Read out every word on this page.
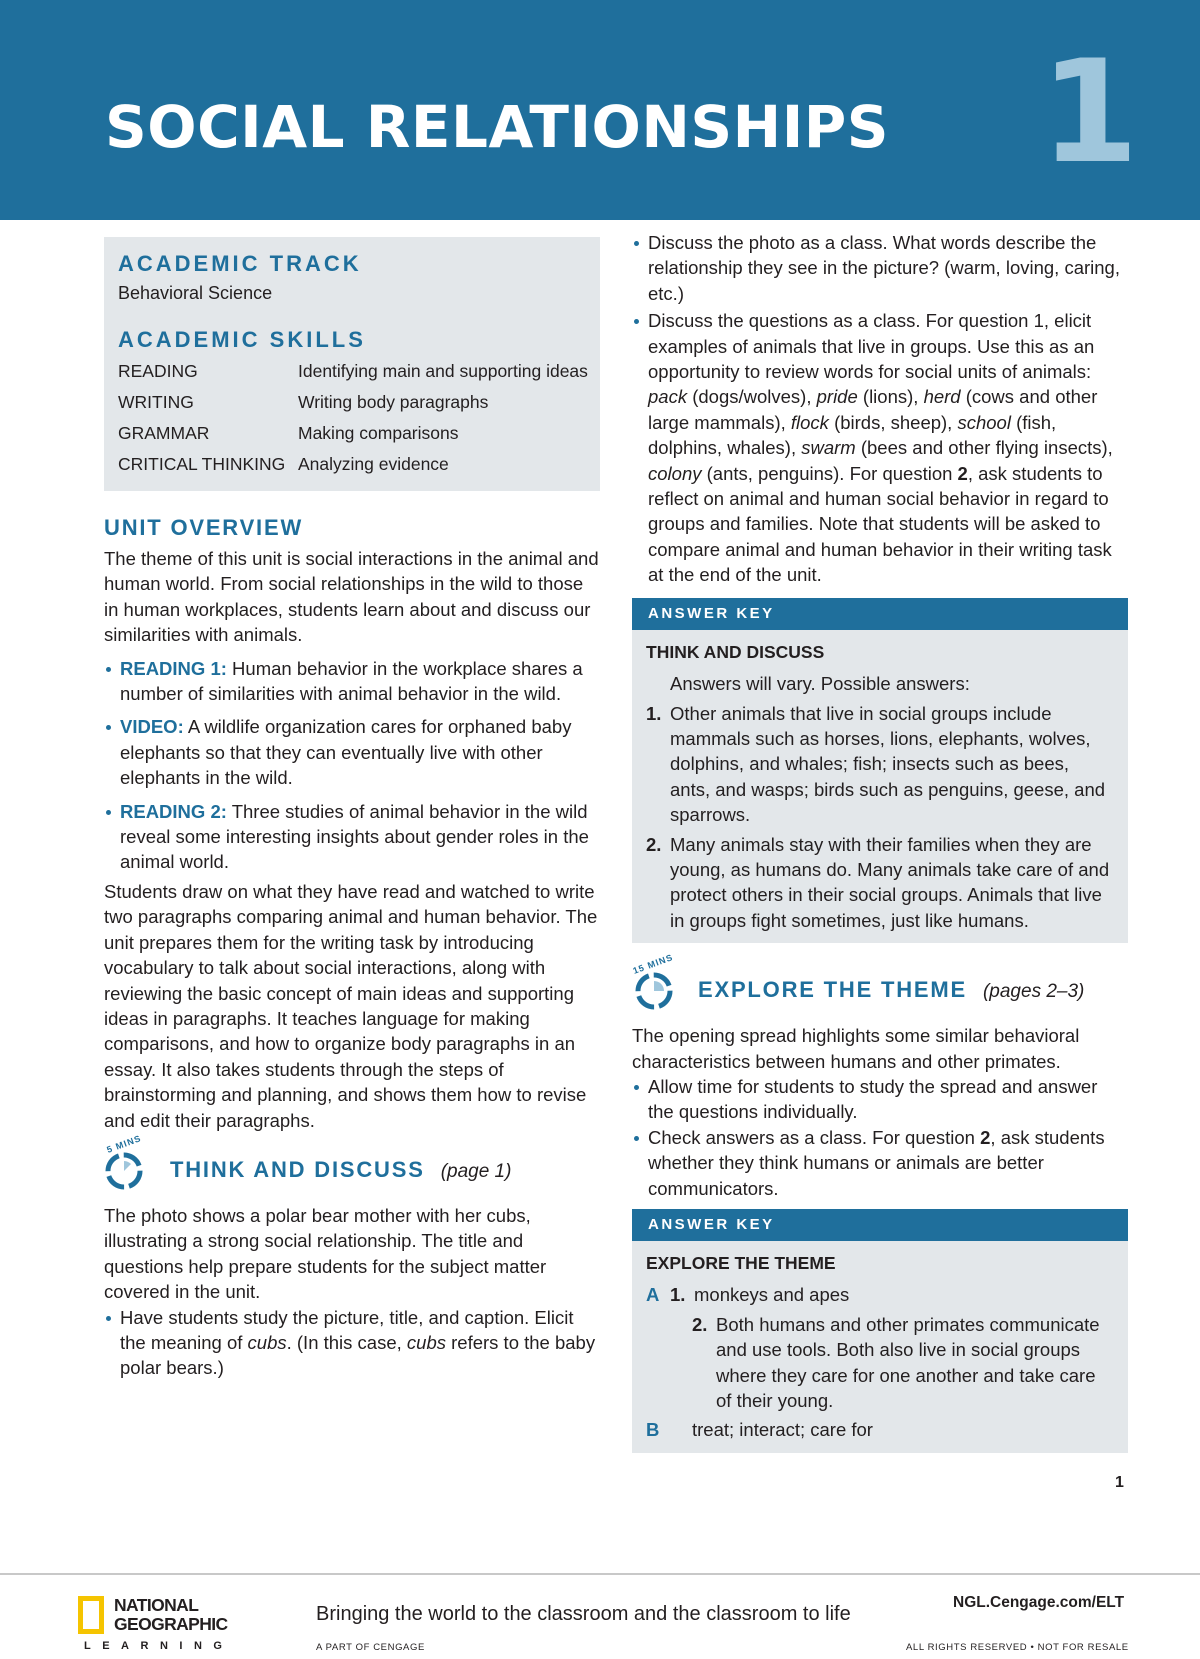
SOCIAL RELATIONSHIPS 1
ACADEMIC TRACK

Behavioral Science

ACADEMIC SKILLS
READING	Identifying main and supporting ideas
WRITING	Writing body paragraphs
GRAMMAR	Making comparisons
CRITICAL THINKING	Analyzing evidence
UNIT OVERVIEW

The theme of this unit is social interactions in the animal and human world. From social relationships in the wild to those in human workplaces, students learn about and discuss our similarities with animals.

READING 1: Human behavior in the workplace shares a number of similarities with animal behavior in the wild.
VIDEO: A wildlife organization cares for orphaned baby elephants so that they can eventually live with other elephants in the wild.
READING 2: Three studies of animal behavior in the wild reveal some interesting insights about gender roles in the animal world.

Students draw on what they have read and watched to write two paragraphs comparing animal and human behavior. The unit prepares them for the writing task by introducing vocabulary to talk about social interactions, along with reviewing the basic concept of main ideas and supporting ideas in paragraphs. It teaches language for making comparisons, and how to organize body paragraphs in an essay. It also takes students through the steps of brainstorming and planning, and shows them how to revise and edit their paragraphs.

5 MINS
THINK AND DISCUSS (page 1)

The photo shows a polar bear mother with her cubs, illustrating a strong social relationship. The title and questions help prepare students for the subject matter covered in the unit.

Have students study the picture, title, and caption. Elicit the meaning of cubs. (In this case, cubs refers to the baby polar bears.)
Discuss the photo as a class. What words describe the relationship they see in the picture? (warm, loving, caring, etc.)
Discuss the questions as a class. For question 1, elicit examples of animals that live in groups. Use this as an opportunity to review words for social units of animals: pack (dogs/wolves), pride (lions), herd (cows and other large mammals), flock (birds, sheep), school (fish, dolphins, whales), swarm (bees and other flying insects), colony (ants, penguins). For question 2, ask students to reflect on animal and human social behavior in regard to groups and families. Note that students will be asked to compare animal and human behavior in their writing task at the end of the unit.
ANSWER KEY
THINK AND DISCUSS
Answers will vary. Possible answers:
1. Other animals that live in social groups include mammals such as horses, lions, elephants, wolves, dolphins, and whales; fish; insects such as bees, ants, and wasps; birds such as penguins, geese, and sparrows.
2. Many animals stay with their families when they are young, as humans do. Many animals take care of and protect others in their social groups. Animals that live in groups fight sometimes, just like humans.
15 MINS
EXPLORE THE THEME (pages 2–3)

The opening spread highlights some similar behavioral characteristics between humans and other primates.

Allow time for students to study the spread and answer the questions individually.
Check answers as a class. For question 2, ask students whether they think humans or animals are better communicators.
ANSWER KEY
EXPLORE THE THEME
A 1. monkeys and apes
2. Both humans and other primates communicate and use tools. Both also live in social groups where they care for one another and take care of their young.
B	treat; interact; care for
1
NATIONAL
GEOGRAPHIC
LEARNING
Bringing the world to the classroom and the classroom to life
A PART OF CENGAGE
NGL.Cengage.com/ELT
ALL RIGHTS RESERVED • NOT FOR RESALE
